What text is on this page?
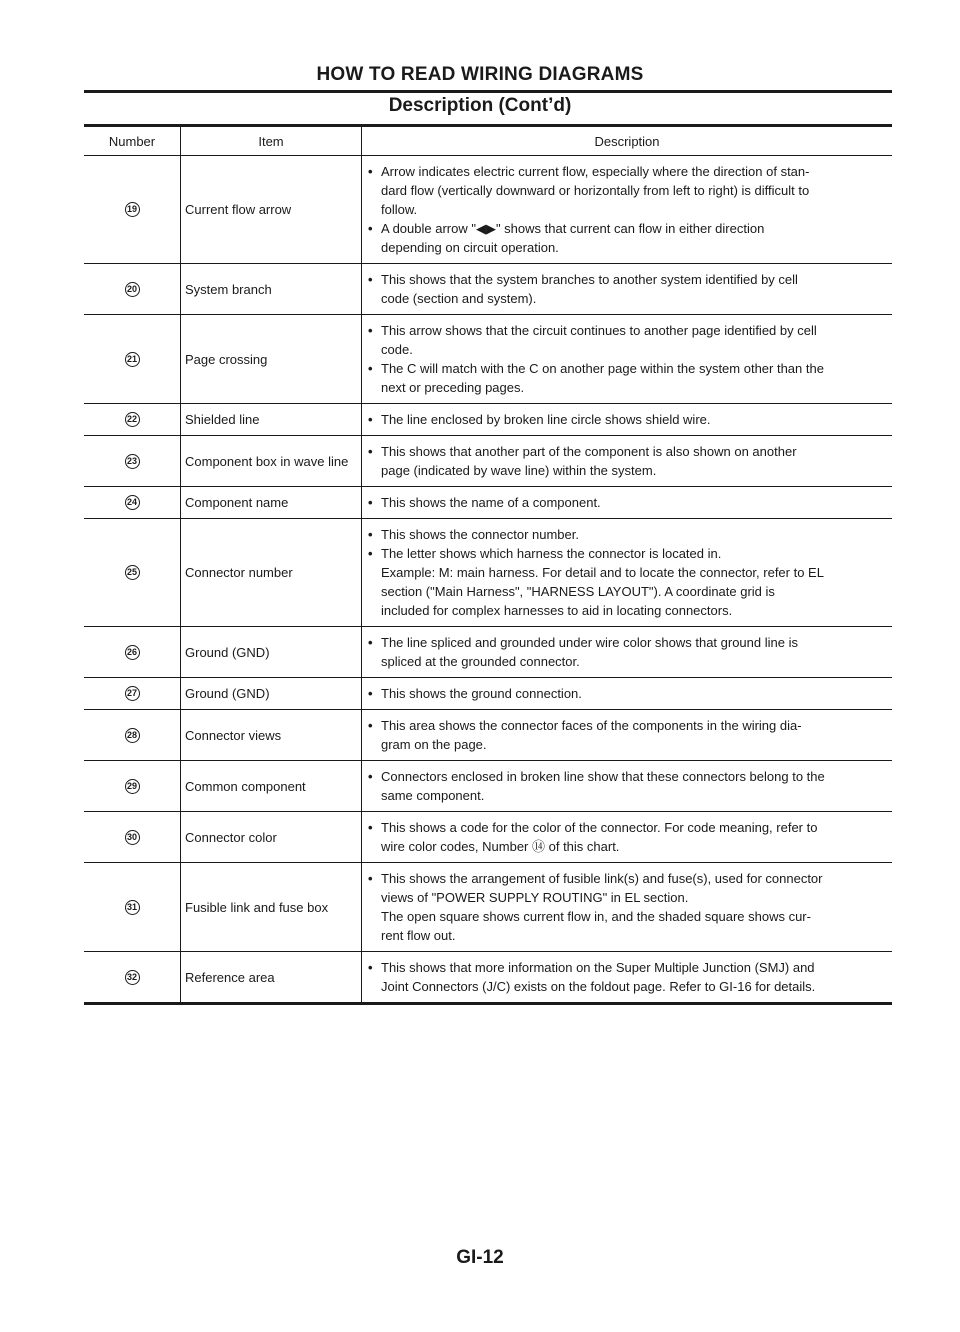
HOW TO READ WIRING DIAGRAMS
Description (Cont’d)
Number	Item	Description
19	Current flow arrow
• Arrow indicates electric current flow, especially where the direction of stan-
dard flow (vertically downward or horizontally from left to right) is difficult to
follow.
• A double arrow "◀▶" shows that current can flow in either direction
depending on circuit operation.
20	System branch
• This shows that the system branches to another system identified by cell
code (section and system).
21	Page crossing
• This arrow shows that the circuit continues to another page identified by cell
code.
• The C will match with the C on another page within the system other than the
next or preceding pages.
22	Shielded line	• The line enclosed by broken line circle shows shield wire.
23	Component box in wave line
• This shows that another part of the component is also shown on another
page (indicated by wave line) within the system.
24	Component name	• This shows the name of a component.
25	Connector number
• This shows the connector number.
• The letter shows which harness the connector is located in.
Example: M: main harness. For detail and to locate the connector, refer to EL
section ("Main Harness", "HARNESS LAYOUT"). A coordinate grid is
included for complex harnesses to aid in locating connectors.
26	Ground (GND)
• The line spliced and grounded under wire color shows that ground line is
spliced at the grounded connector.
27	Ground (GND)	• This shows the ground connection.
28	Connector views
• This area shows the connector faces of the components in the wiring dia-
gram on the page.
29	Common component
• Connectors enclosed in broken line show that these connectors belong to the
same component.
30	Connector color
• This shows a code for the color of the connector. For code meaning, refer to
wire color codes, Number ⑭ of this chart.
31	Fusible link and fuse box
• This shows the arrangement of fusible link(s) and fuse(s), used for connector
views of "POWER SUPPLY ROUTING" in EL section.
The open square shows current flow in, and the shaded square shows cur-
rent flow out.
32	Reference area
• This shows that more information on the Super Multiple Junction (SMJ) and
Joint Connectors (J/C) exists on the foldout page. Refer to GI-16 for details.
GI-12
